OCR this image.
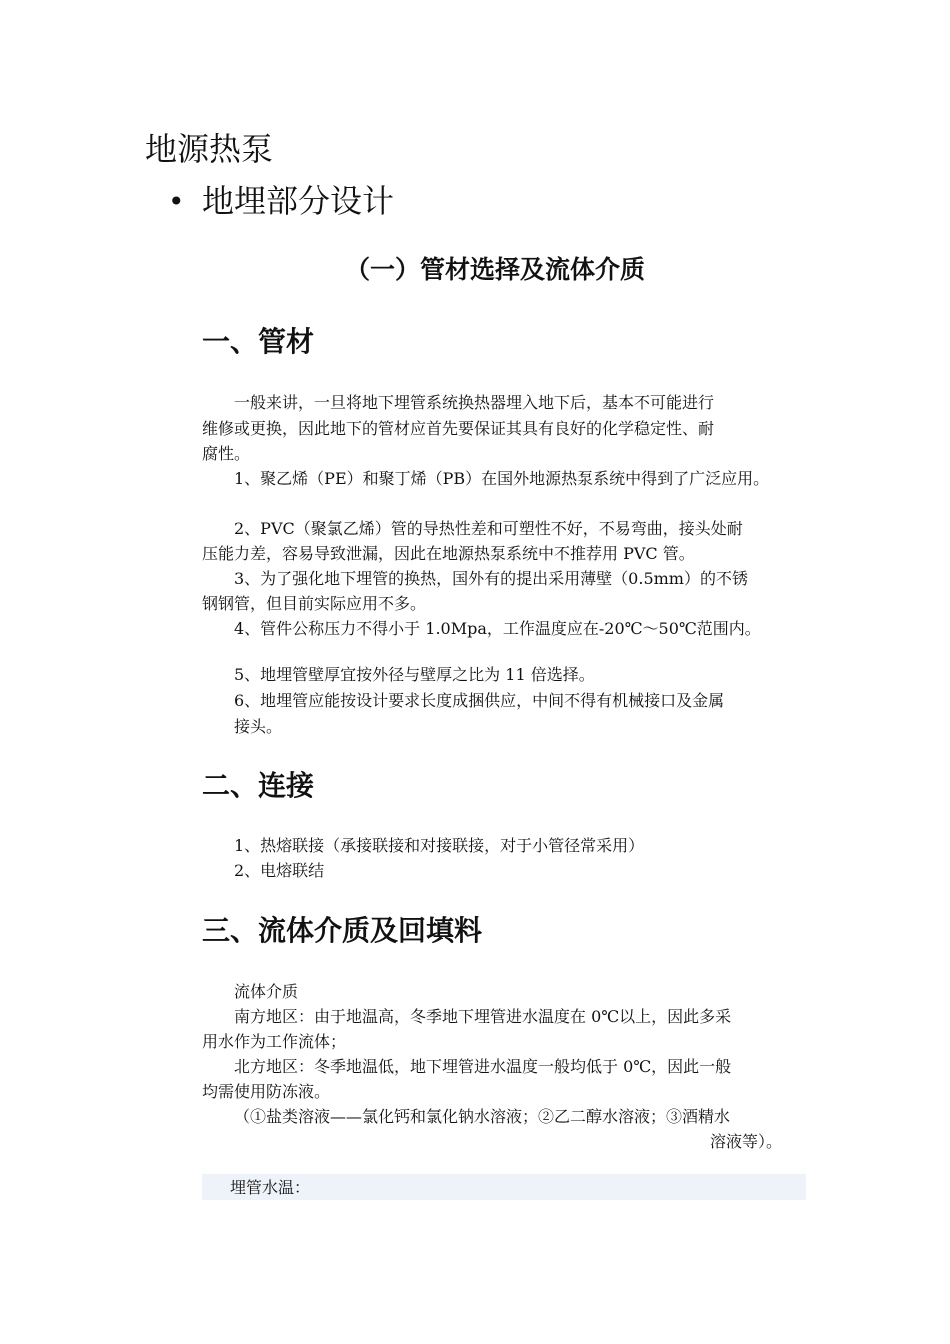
地源热泵
• 地埋部分设计
（一）管材选择及流体介质
一、管材
一般来讲，一旦将地下埋管系统换热器埋入地下后，基本不可能进行
维修或更换，因此地下的管材应首先要保证其具有良好的化学稳定性、耐
腐性。
1、聚乙烯（PE）和聚丁烯（PB）在国外地源热泵系统中得到了广泛应用。
2、PVC（聚氯乙烯）管的导热性差和可塑性不好，不易弯曲，接头处耐
压能力差，容易导致泄漏，因此在地源热泵系统中不推荐用 PVC 管。
3、为了强化地下埋管的换热，国外有的提出采用薄壁（0.5mm）的不锈
钢钢管，但目前实际应用不多。
4、管件公称压力不得小于 1.0Mpa，工作温度应在-20℃～50℃范围内。
5、地埋管壁厚宜按外径与壁厚之比为 11 倍选择。
6、地埋管应能按设计要求长度成捆供应，中间不得有机械接口及金属
接头。
二、连接
1、热熔联接（承接联接和对接联接，对于小管径常采用）
2、电熔联结
三、流体介质及回填料
流体介质
南方地区：由于地温高，冬季地下埋管进水温度在 0℃以上，因此多采
用水作为工作流体；
北方地区：冬季地温低，地下埋管进水温度一般均低于 0℃，因此一般
均需使用防冻液。
（①盐类溶液——氯化钙和氯化钠水溶液；②乙二醇水溶液；③酒精水
溶液等）。
埋管水温：
